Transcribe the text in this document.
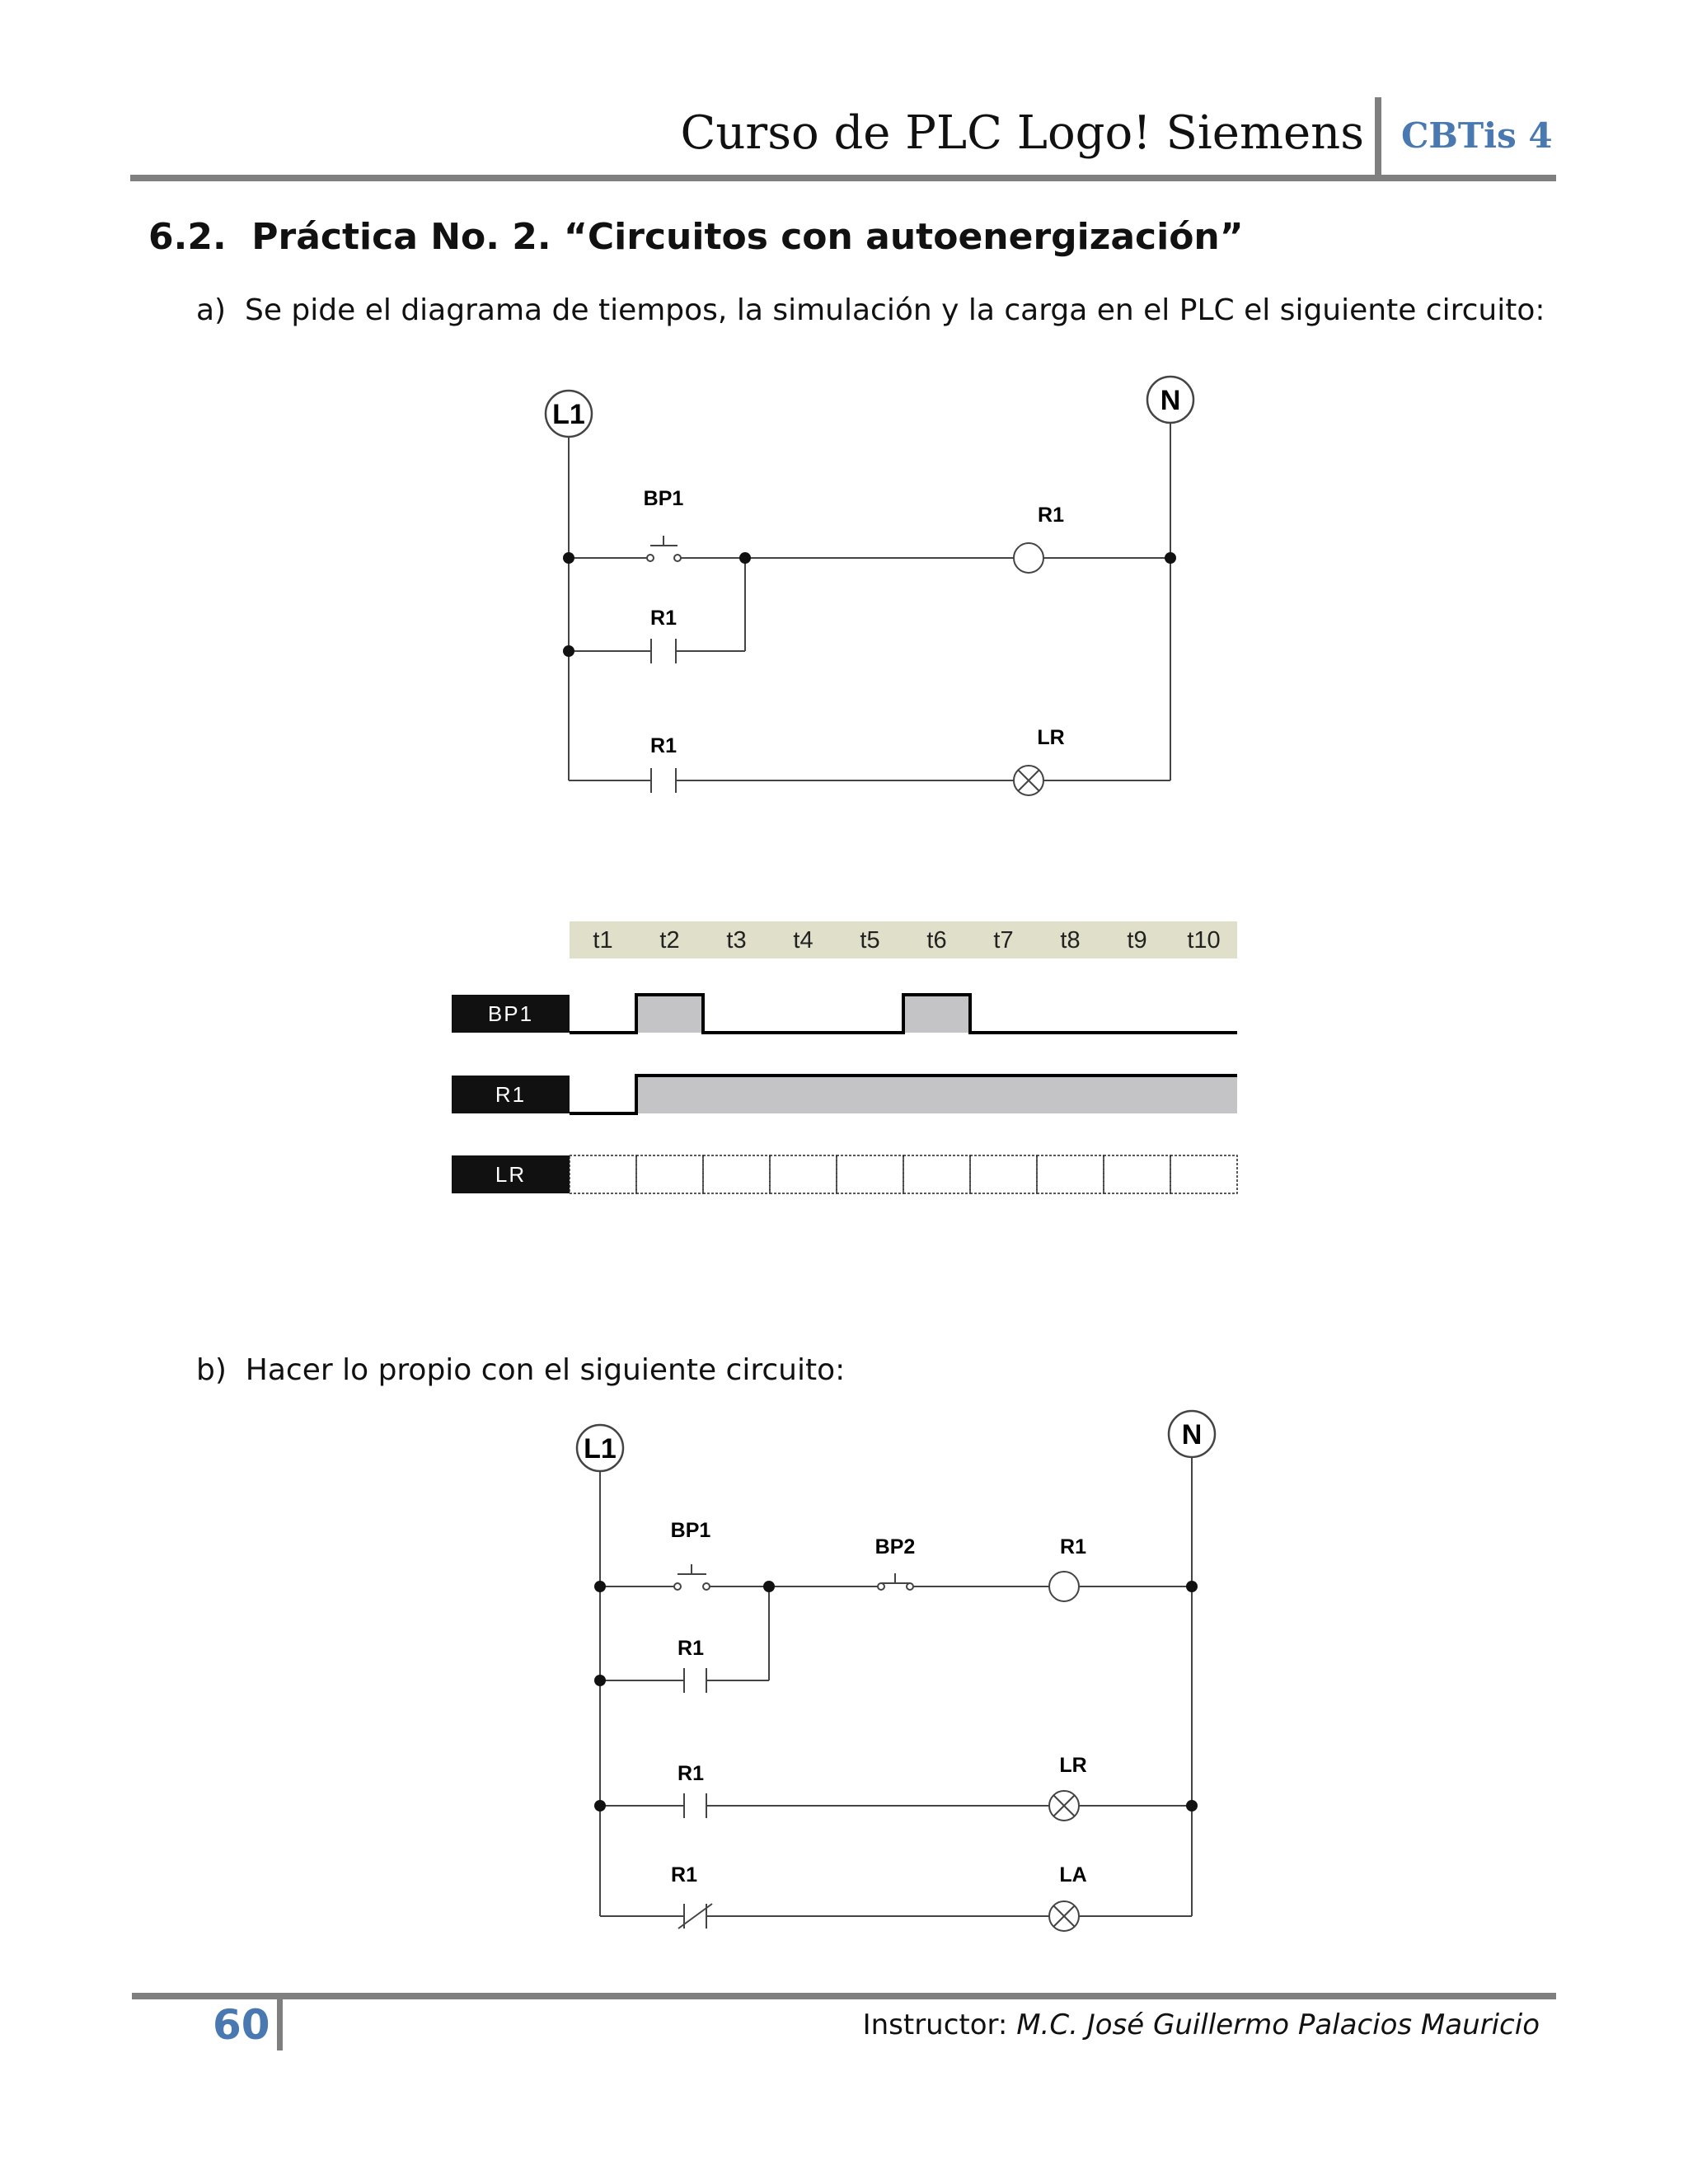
Curso de PLC Logo! Siemens CBTis 4
6.2.  Práctica No. 2. “Circuitos con autoenergización”
a)  Se pide el diagrama de tiempos, la simulación y la carga en el PLC el siguiente circuito:
L1	N
BP1
R1
R1
R1	LR
t1 t2 t3 t4 t5 t6 t7 t8 t9 t10
BP1
R1
LR
b)  Hacer lo propio con el siguiente circuito:
L1	N
BP1
BP2	R1
R1
R1	LR
R1	LA
60	Instructor: M.C. José Guillermo Palacios Mauricio
